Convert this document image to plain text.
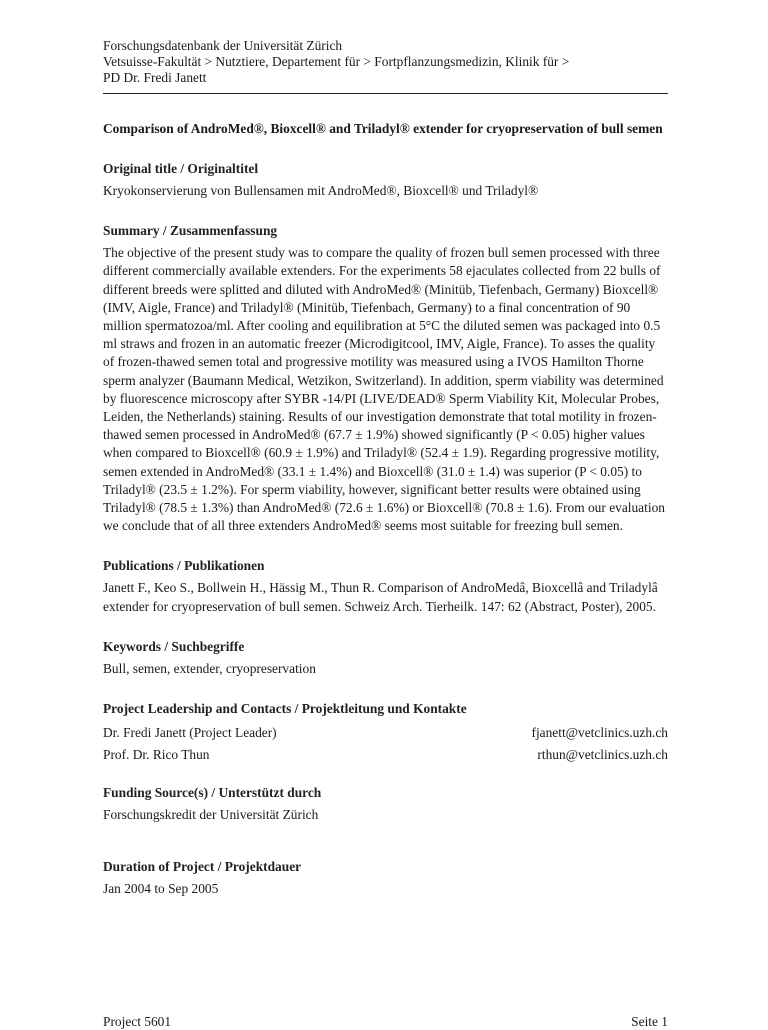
Forschungsdatenbank der Universität Zürich
Vetsuisse-Fakultät > Nutztiere, Departement für > Fortpflanzungsmedizin, Klinik für >
PD Dr. Fredi Janett
Comparison of AndroMed®, Bioxcell® and Triladyl® extender for cryopreservation of bull semen
Original title / Originaltitel

Kryokonservierung von Bullensamen mit AndroMed®, Bioxcell® und Triladyl®

Summary / Zusammenfassung

The objective of the present study was to compare the quality of frozen bull semen processed with three different commercially available extenders. For the experiments 58 ejaculates collected from 22 bulls of different breeds were splitted and diluted with AndroMed® (Minitüb, Tiefenbach, Germany) Bioxcell® (IMV, Aigle, France) and Triladyl® (Minitüb, Tiefenbach, Germany) to a final concentration of 90 million spermatozoa/ml. After cooling and equilibration at 5°C the diluted semen was packaged into 0.5 ml straws and frozen in an automatic freezer (Microdigitcool, IMV, Aigle, France). To asses the quality of frozen-thawed semen total and progressive motility was measured using a IVOS Hamilton Thorne sperm analyzer (Baumann Medical, Wetzikon, Switzerland). In addition, sperm viability was determined by fluorescence microscopy after SYBR -14/PI (LIVE/DEAD® Sperm Viability Kit, Molecular Probes, Leiden, the Netherlands) staining. Results of our investigation demonstrate that total motility in frozen-thawed semen processed in AndroMed® (67.7 ± 1.9%) showed significantly (P < 0.05) higher values when compared to Bioxcell® (60.9 ± 1.9%) and Triladyl® (52.4 ± 1.9). Regarding progressive motility, semen extended in AndroMed® (33.1 ± 1.4%) and Bioxcell® (31.0 ± 1.4) was superior (P < 0.05) to Triladyl® (23.5 ± 1.2%). For sperm viability, however, significant better results were obtained using Triladyl® (78.5 ± 1.3%) than AndroMed® (72.6 ± 1.6%) or Bioxcell® (70.8 ± 1.6). From our evaluation we conclude that of all three extenders AndroMed® seems most suitable for freezing bull semen.

Publications / Publikationen

Janett F., Keo S., Bollwein H., Hässig M., Thun R. Comparison of AndroMedâ, Bioxcellâ and Triladylâ extender for cryopreservation of bull semen. Schweiz Arch. Tierheilk. 147: 62 (Abstract, Poster), 2005.

Keywords / Suchbegriffe

Bull, semen, extender, cryopreservation

Project Leadership and Contacts / Projektleitung und Kontakte
Dr. Fredi Janett (Project Leader)	fjanett@vetclinics.uzh.ch
Prof. Dr. Rico Thun	rthun@vetclinics.uzh.ch
Funding Source(s) / Unterstützt durch

Forschungskredit der Universität Zürich

Duration of Project / Projektdauer

Jan 2004 to Sep 2005

Project 5601	Seite 1
